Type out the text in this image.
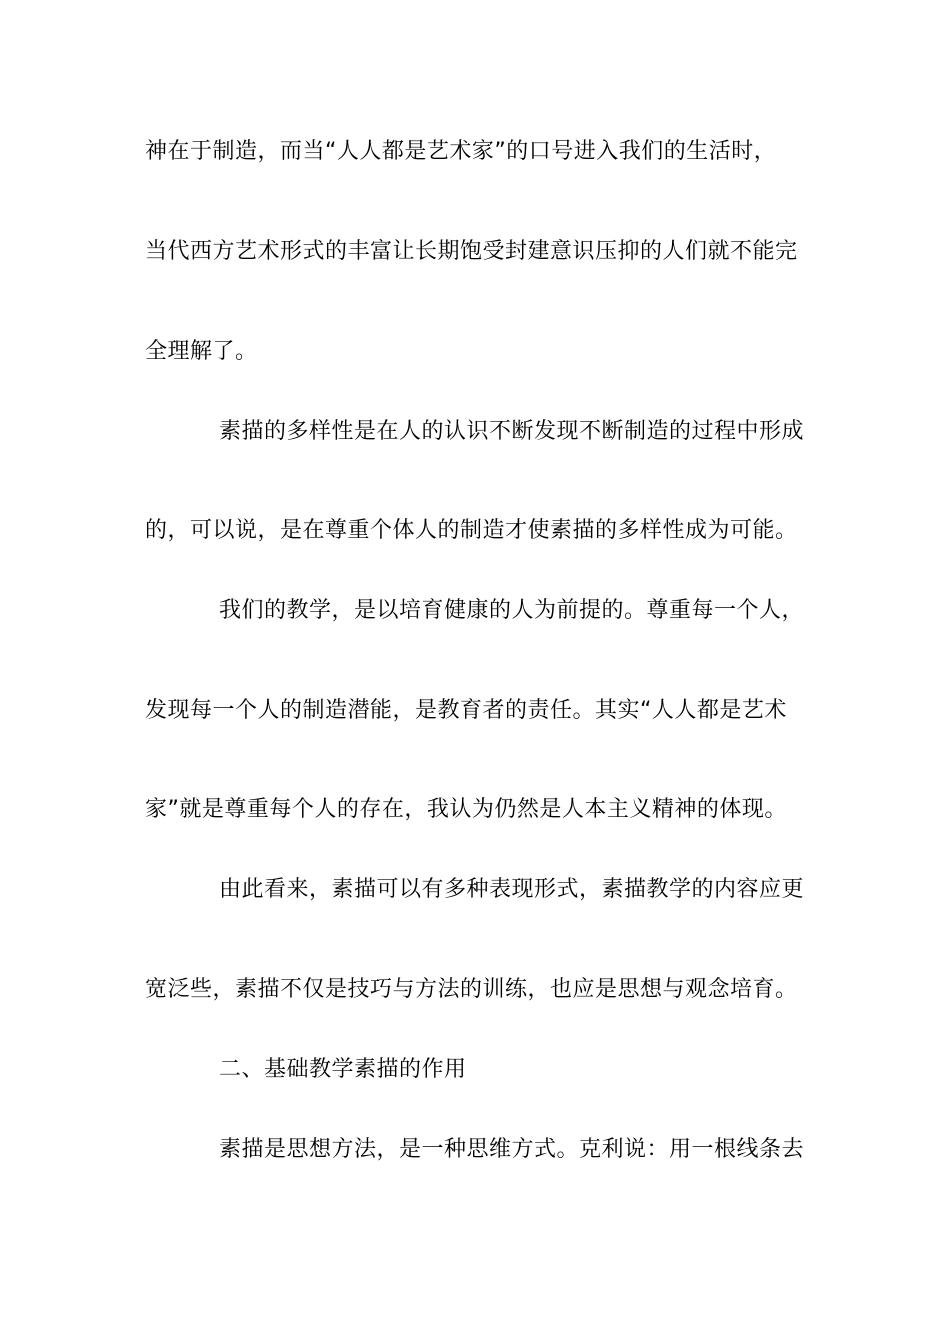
神在于制造，而当“人人都是艺术家”的口号进入我们的生活时，
当代西方艺术形式的丰富让长期饱受封建意识压抑的人们就不能完
全理解了。
素描的多样性是在人的认识不断发现不断制造的过程中形成
的，可以说，是在尊重个体人的制造才使素描的多样性成为可能。
我们的教学，是以培育健康的人为前提的。尊重每一个人，
发现每一个人的制造潜能，是教育者的责任。其实“人人都是艺术
家”就是尊重每个人的存在，我认为仍然是人本主义精神的体现。
由此看来，素描可以有多种表现形式，素描教学的内容应更
宽泛些，素描不仅是技巧与方法的训练，也应是思想与观念培育。
二、基础教学素描的作用
素描是思想方法，是一种思维方式。克利说：用一根线条去
